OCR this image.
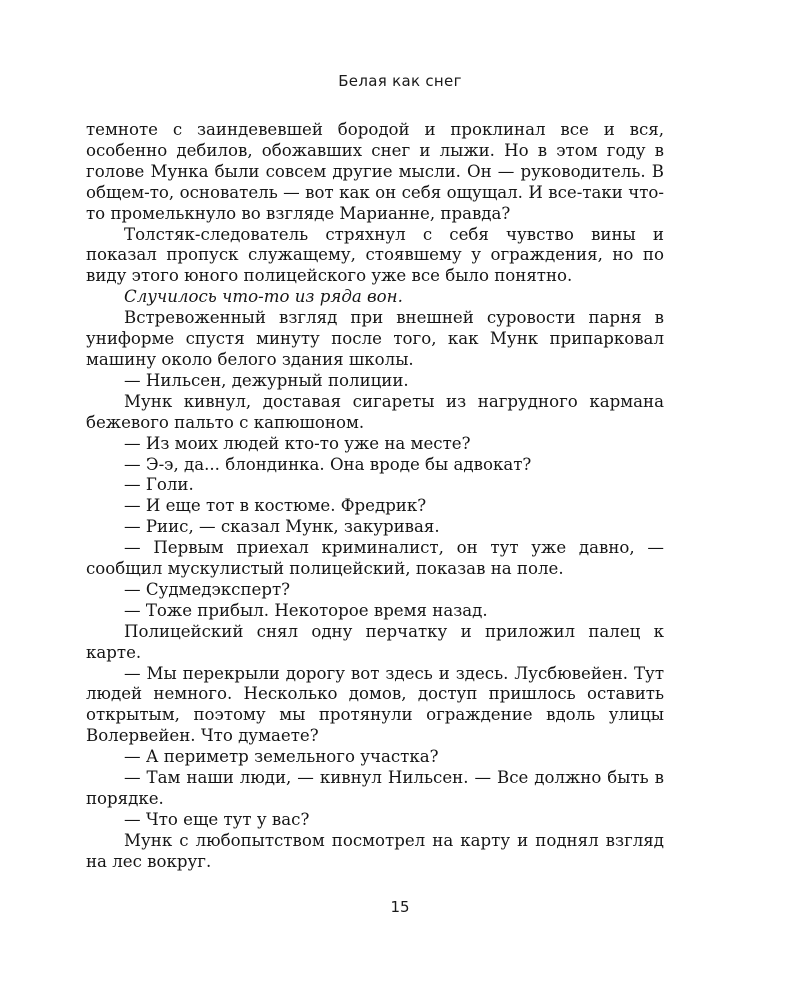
Белая как снег

темноте с заиндевевшей бородой и проклинал все и вся, особенно дебилов, обожавших снег и лыжи. Но в этом году в голове Мунка были совсем другие мысли. Он — руководитель. В общем-то, основатель — вот как он себя ощущал. И все-таки что-то промелькнуло во взгляде Марианне, правда?

Толстяк-следователь стряхнул с себя чувство вины и показал пропуск служащему, стоявшему у ограждения, но по виду этого юного полицейского уже все было понятно.

Случилось что-то из ряда вон.

Встревоженный взгляд при внешней суровости парня в униформе спустя минуту после того, как Мунк припарковал машину около белого здания школы.

— Нильсен, дежурный полиции.

Мунк кивнул, доставая сигареты из нагрудного кармана бежевого пальто с капюшоном.

— Из моих людей кто-то уже на месте?

— Э-э, да... блондинка. Она вроде бы адвокат?

— Голи.

— И еще тот в костюме. Фредрик?

— Риис, — сказал Мунк, закуривая.

— Первым приехал криминалист, он тут уже давно, — сообщил мускулистый полицейский, показав на поле.

— Судмедэксперт?

— Тоже прибыл. Некоторое время назад.

Полицейский снял одну перчатку и приложил палец к карте.

— Мы перекрыли дорогу вот здесь и здесь. Лусбювейен. Тут людей немного. Несколько домов, доступ пришлось оставить открытым, поэтому мы протянули ограждение вдоль улицы Волервейен. Что думаете?

— А периметр земельного участка?

— Там наши люди, — кивнул Нильсен. — Все должно быть в порядке.

— Что еще тут у вас?

Мунк с любопытством посмотрел на карту и поднял взгляд на лес вокруг.

15
